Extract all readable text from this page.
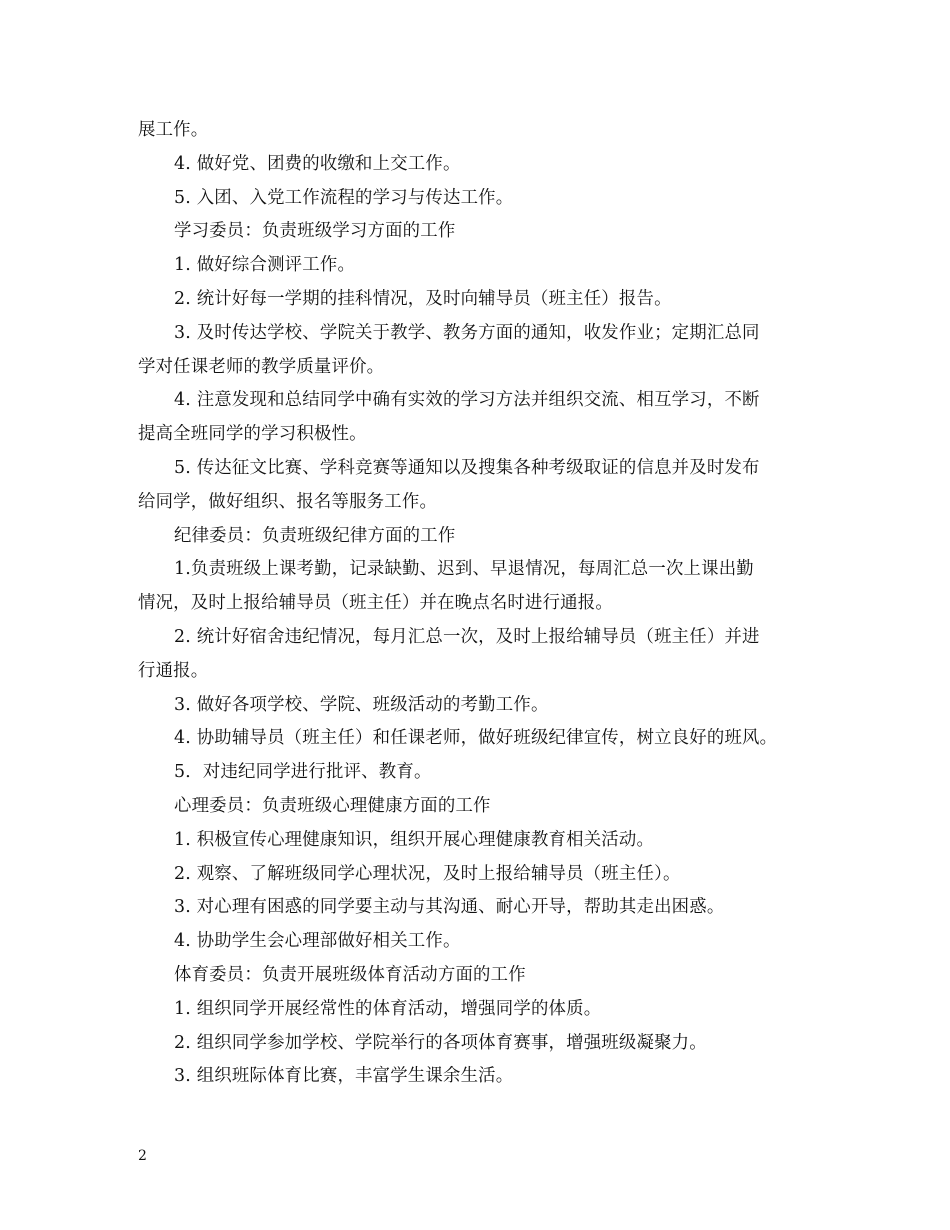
展工作。
4. 做好党、团费的收缴和上交工作。
5. 入团、入党工作流程的学习与传达工作。
学习委员：负责班级学习方面的工作
1. 做好综合测评工作。
2. 统计好每一学期的挂科情况，及时向辅导员（班主任）报告。
3. 及时传达学校、学院关于教学、教务方面的通知，收发作业；定期汇总同
学对任课老师的教学质量评价。
4. 注意发现和总结同学中确有实效的学习方法并组织交流、相互学习，不断
提高全班同学的学习积极性。
5. 传达征文比赛、学科竞赛等通知以及搜集各种考级取证的信息并及时发布
给同学，做好组织、报名等服务工作。
纪律委员：负责班级纪律方面的工作
1.负责班级上课考勤，记录缺勤、迟到、早退情况，每周汇总一次上课出勤
情况，及时上报给辅导员（班主任）并在晚点名时进行通报。
2. 统计好宿舍违纪情况，每月汇总一次，及时上报给辅导员（班主任）并进
行通报。
3. 做好各项学校、学院、班级活动的考勤工作。
4. 协助辅导员（班主任）和任课老师，做好班级纪律宣传，树立良好的班风。
5．对违纪同学进行批评、教育。
心理委员：负责班级心理健康方面的工作
1. 积极宣传心理健康知识，组织开展心理健康教育相关活动。
2. 观察、了解班级同学心理状况，及时上报给辅导员（班主任）。
3. 对心理有困惑的同学要主动与其沟通、耐心开导，帮助其走出困惑。
4. 协助学生会心理部做好相关工作。
体育委员：负责开展班级体育活动方面的工作
1. 组织同学开展经常性的体育活动，增强同学的体质。
2. 组织同学参加学校、学院举行的各项体育赛事，增强班级凝聚力。
3. 组织班际体育比赛，丰富学生课余生活。
2
